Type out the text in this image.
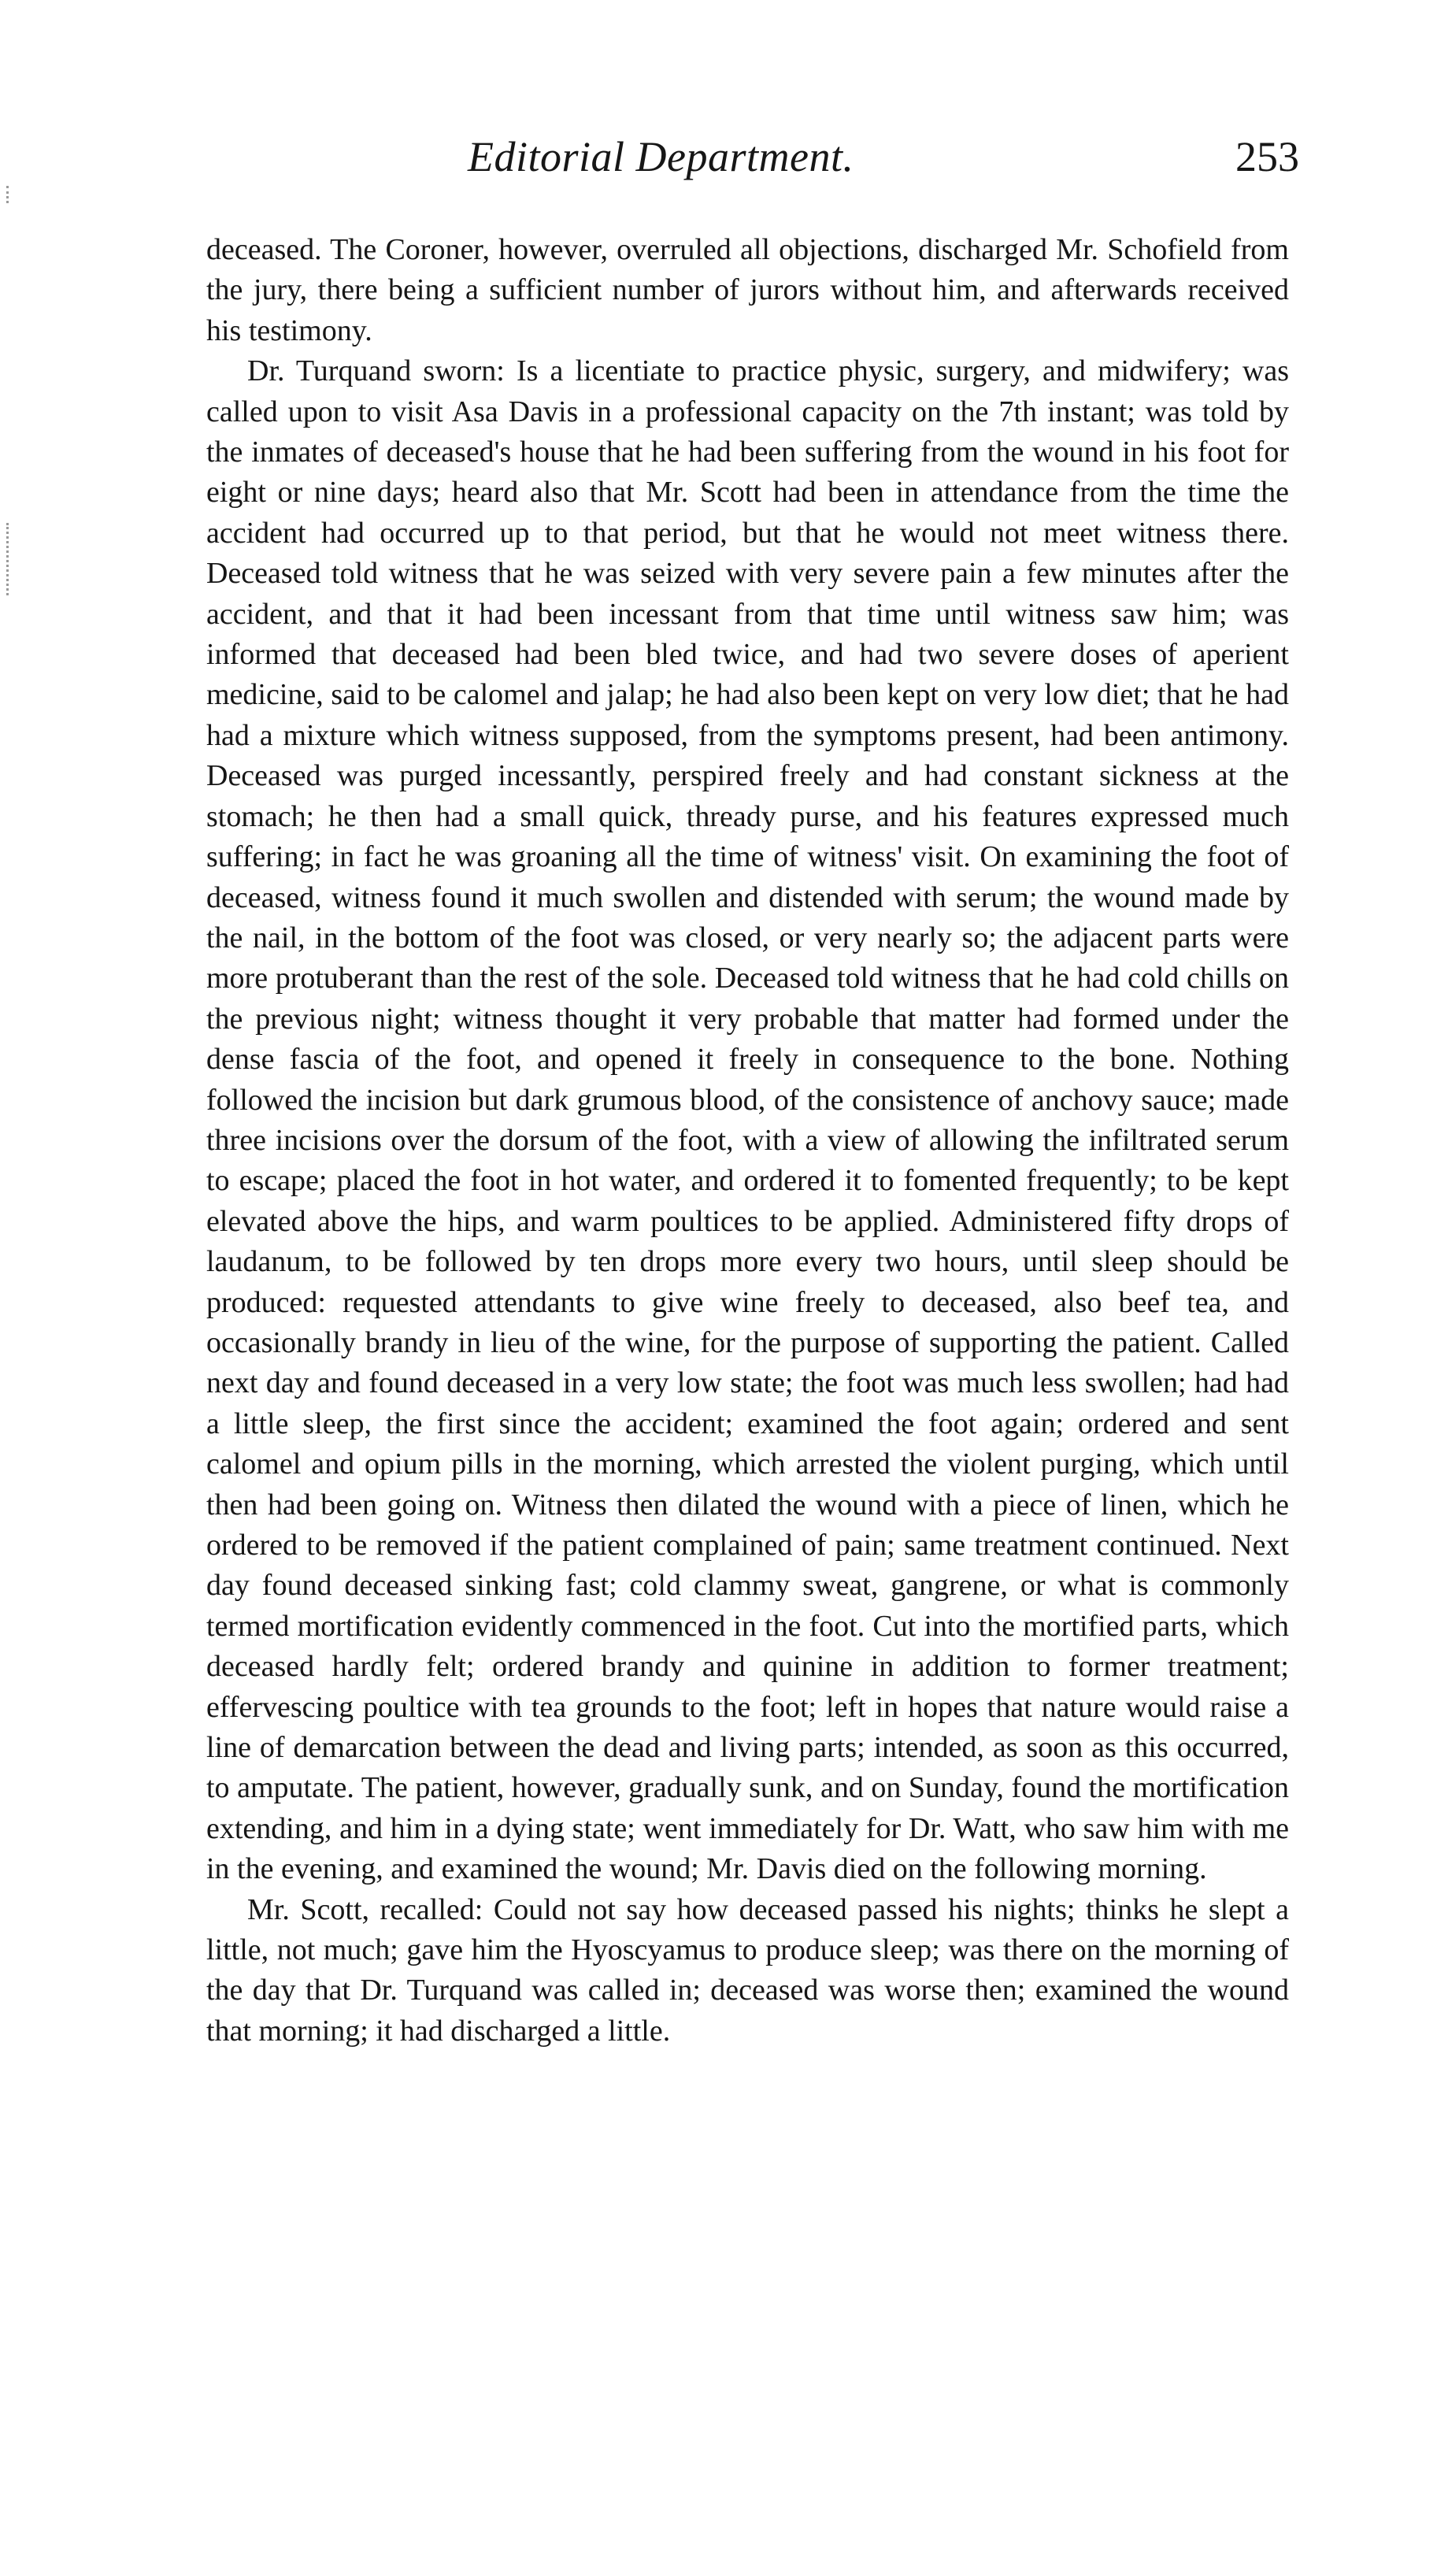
Editorial Department.	253

deceased. The Coroner, however, overruled all objections, discharged Mr. Schofield from the jury, there being a sufficient number of jurors without him, and afterwards received his testimony.

Dr. Turquand sworn: Is a licentiate to practice physic, surgery, and midwifery; was called upon to visit Asa Davis in a professional capacity on the 7th instant; was told by the inmates of deceased's house that he had been suffering from the wound in his foot for eight or nine days; heard also that Mr. Scott had been in attendance from the time the accident had occurred up to that period, but that he would not meet witness there. Deceased told witness that he was seized with very severe pain a few minutes after the accident, and that it had been incessant from that time until witness saw him; was informed that deceased had been bled twice, and had two severe doses of aperient medicine, said to be calomel and jalap; he had also been kept on very low diet; that he had had a mixture which witness supposed, from the symptoms present, had been antimony. Deceased was purged incessantly, perspired freely and had constant sickness at the stomach; he then had a small quick, thready purse, and his features expressed much suffering; in fact he was groaning all the time of witness' visit. On examining the foot of deceased, witness found it much swollen and distended with serum; the wound made by the nail, in the bottom of the foot was closed, or very nearly so; the adjacent parts were more protuberant than the rest of the sole. Deceased told witness that he had cold chills on the previous night; witness thought it very probable that matter had formed under the dense fascia of the foot, and opened it freely in consequence to the bone. Nothing followed the incision but dark grumous blood, of the consistence of anchovy sauce; made three incisions over the dorsum of the foot, with a view of allowing the infiltrated serum to escape; placed the foot in hot water, and ordered it to fomented frequently; to be kept elevated above the hips, and warm poultices to be applied. Administered fifty drops of laudanum, to be followed by ten drops more every two hours, until sleep should be produced: requested attendants to give wine freely to deceased, also beef tea, and occasionally brandy in lieu of the wine, for the purpose of supporting the patient. Called next day and found deceased in a very low state; the foot was much less swollen; had had a little sleep, the first since the accident; examined the foot again; ordered and sent calomel and opium pills in the morning, which arrested the violent purging, which until then had been going on. Witness then dilated the wound with a piece of linen, which he ordered to be removed if the patient complained of pain; same treatment continued. Next day found deceased sinking fast; cold clammy sweat, gangrene, or what is commonly termed mortification evidently commenced in the foot. Cut into the mortified parts, which deceased hardly felt; ordered brandy and quinine in addition to former treatment; effervescing poultice with tea grounds to the foot; left in hopes that nature would raise a line of demarcation between the dead and living parts; intended, as soon as this occurred, to amputate. The patient, however, gradually sunk, and on Sunday, found the mortification extending, and him in a dying state; went immediately for Dr. Watt, who saw him with me in the evening, and examined the wound; Mr. Davis died on the following morning.

Mr. Scott, recalled: Could not say how deceased passed his nights; thinks he slept a little, not much; gave him the Hyoscyamus to produce sleep; was there on the morning of the day that Dr. Turquand was called in; deceased was worse then; examined the wound that morning; it had discharged a little.
